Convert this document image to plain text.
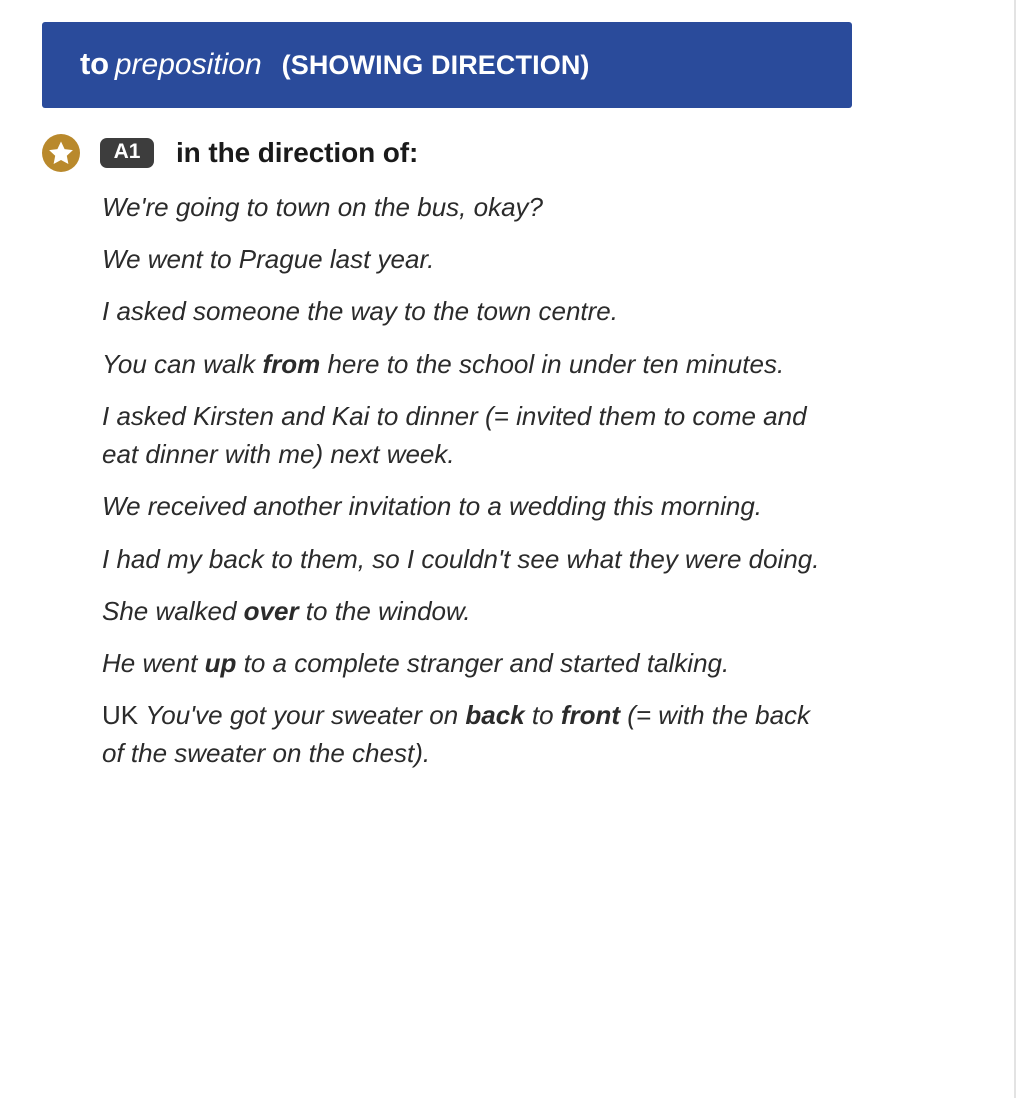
to preposition (SHOWING DIRECTION)
A1	in the direction of:
We're going to town on the bus, okay?
We went to Prague last year.
I asked someone the way to the town centre.
You can walk from here to the school in under ten minutes.
I asked Kirsten and Kai to dinner (= invited them to come and eat dinner with me) next week.
We received another invitation to a wedding this morning.
I had my back to them, so I couldn't see what they were doing.
She walked over to the window.
He went up to a complete stranger and started talking.
UK You've got your sweater on back to front (= with the back of the sweater on the chest).
